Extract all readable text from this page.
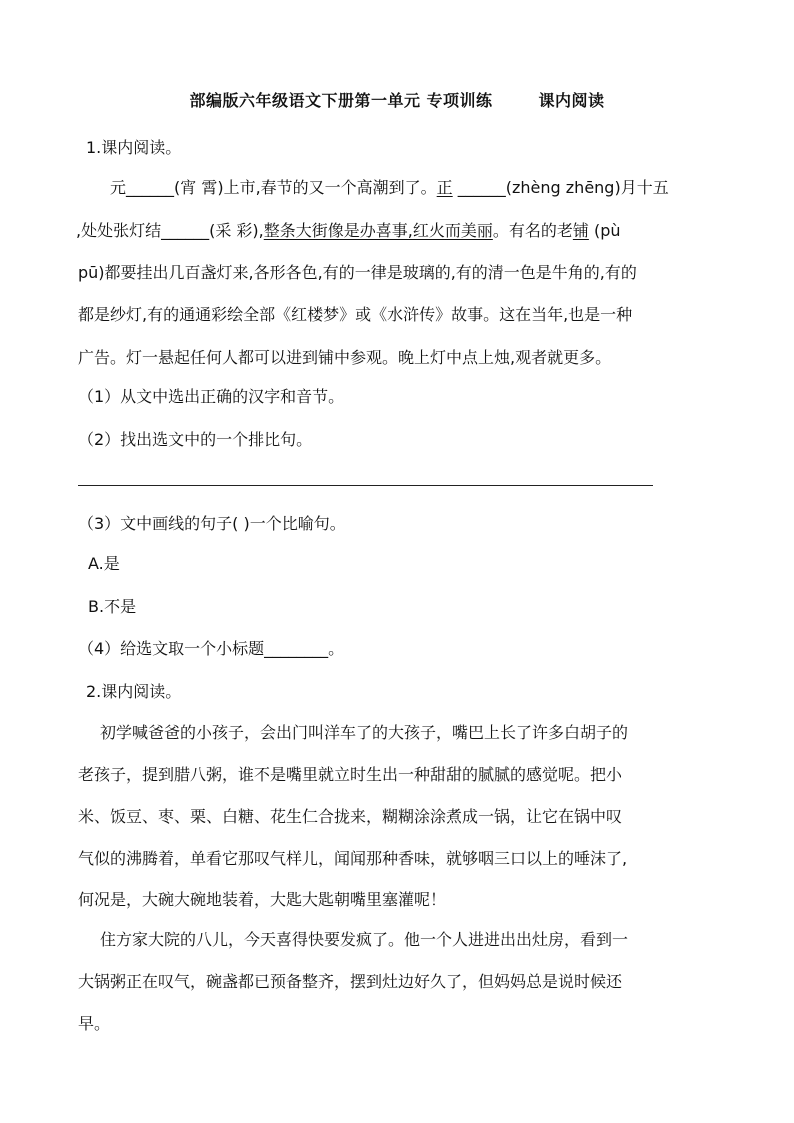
部编版六年级语文下册第一单元 专项训练	课内阅读
1.课内阅读。
元______(宵 霄)上市,春节的又一个高潮到了。正 ______(zhèng zhēng)月十五
,处处张灯结______(采 彩),整条大街像是办喜事,红火而美丽。有名的老铺 (pù
pū)都要挂出几百盏灯来,各形各色,有的一律是玻璃的,有的清一色是牛角的,有的
都是纱灯,有的通通彩绘全部《红楼梦》或《水浒传》故事。这在当年,也是一种
广告。灯一悬起任何人都可以进到铺中参观。晚上灯中点上烛,观者就更多。
（1）从文中选出正确的汉字和音节。
（2）找出选文中的一个排比句。
（3）文中画线的句子( )一个比喻句。
A.是
B.不是
（4）给选文取一个小标题________。
2.课内阅读。
初学喊爸爸的小孩子，会出门叫洋车了的大孩子，嘴巴上长了许多白胡子的
老孩子，提到腊八粥，谁不是嘴里就立时生出一种甜甜的腻腻的感觉呢。把小
米、饭豆、枣、栗、白糖、花生仁合拢来，糊糊涂涂煮成一锅，让它在锅中叹
气似的沸腾着，单看它那叹气样儿，闻闻那种香味，就够咽三口以上的唾沫了,
何况是，大碗大碗地装着，大匙大匙朝嘴里塞灌呢！
住方家大院的八儿，今天喜得快要发疯了。他一个人进进出出灶房，看到一
大锅粥正在叹气，碗盏都已预备整齐，摆到灶边好久了，但妈妈总是说时候还
早。
